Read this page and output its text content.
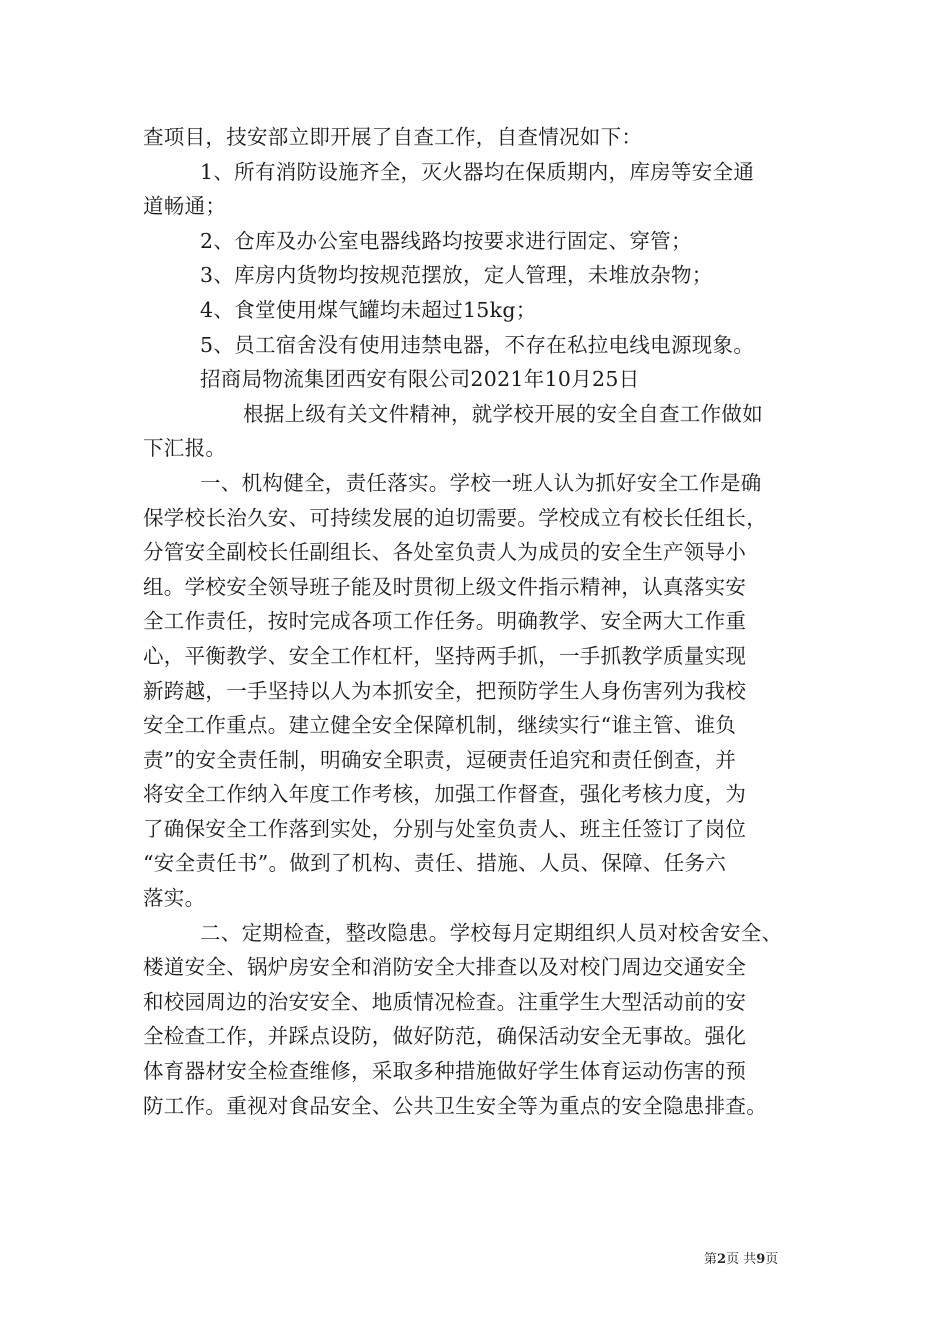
查项目，技安部立即开展了自查工作，自查情况如下：
1、所有消防设施齐全，灭火器均在保质期内，库房等安全通
道畅通；
2、仓库及办公室电器线路均按要求进行固定、穿管；
3、库房内货物均按规范摆放，定人管理，未堆放杂物；
4、食堂使用煤气罐均未超过15kg；
5、员工宿舍没有使用违禁电器，不存在私拉电线电源现象。
招商局物流集团西安有限公司2021年10月25日
根据上级有关文件精神，就学校开展的安全自查工作做如
下汇报。
一、机构健全，责任落实。学校一班人认为抓好安全工作是确
保学校长治久安、可持续发展的迫切需要。学校成立有校长任组长，
分管安全副校长任副组长、各处室负责人为成员的安全生产领导小
组。学校安全领导班子能及时贯彻上级文件指示精神，认真落实安
全工作责任，按时完成各项工作任务。明确教学、安全两大工作重
心，平衡教学、安全工作杠杆，坚持两手抓，一手抓教学质量实现
新跨越，一手坚持以人为本抓安全，把预防学生人身伤害列为我校
安全工作重点。建立健全安全保障机制，继续实行“谁主管、谁负
责”的安全责任制，明确安全职责，逗硬责任追究和责任倒查，并
将安全工作纳入年度工作考核，加强工作督查，强化考核力度，为
了确保安全工作落到实处，分别与处室负责人、班主任签订了岗位
“安全责任书”。做到了机构、责任、措施、人员、保障、任务六
落实。
二、定期检查，整改隐患。学校每月定期组织人员对校舍安全、
楼道安全、锅炉房安全和消防安全大排查以及对校门周边交通安全
和校园周边的治安安全、地质情况检查。注重学生大型活动前的安
全检查工作，并踩点设防，做好防范，确保活动安全无事故。强化
体育器材安全检查维修，采取多种措施做好学生体育运动伤害的预
防工作。重视对食品安全、公共卫生安全等为重点的安全隐患排查。
第2页 共9页
